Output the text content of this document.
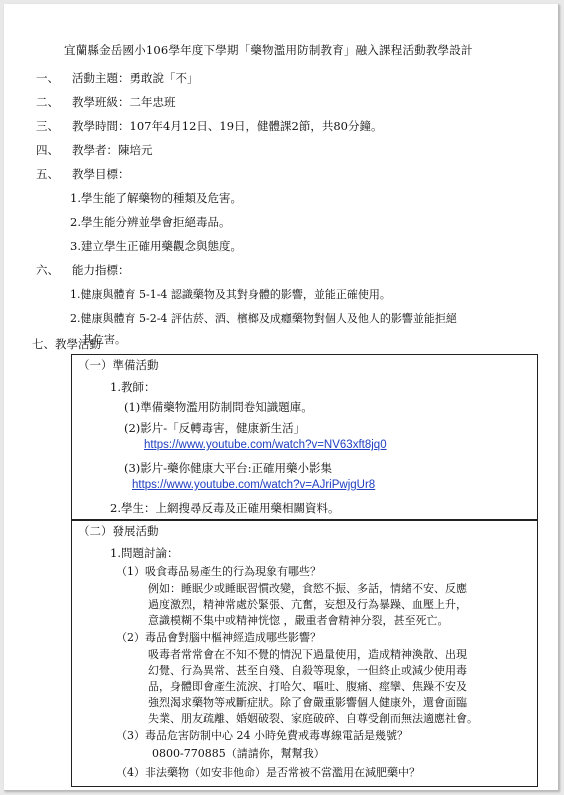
宜蘭縣金岳國小106學年度下學期「藥物濫用防制教育」融入課程活動教學設計
一、 活動主題：勇敢說「不」
二、 教學班級：二年忠班
三、 教學時間：107年4月12日、19日，健體課2節，共80分鐘。
四、 教學者：陳培元
五、 教學目標：
1.學生能了解藥物的種類及危害。
2.學生能分辨並學會拒絕毒品。
3.建立學生正確用藥觀念與態度。
六、 能力指標：
1.健康與體育 5-1-4 認識藥物及其對身體的影響，並能正確使用。
2.健康與體育 5-2-4 評估菸、酒、檳榔及成癮藥物對個人及他人的影響並能拒絕
其危害。
七、教學活動
（一）準備活動
1.教師：
(1)準備藥物濫用防制問卷知識題庫。
(2)影片-「反轉毒害，健康新生活」
https://www.youtube.com/watch?v=NV63xft8jq0
(3)影片-藥你健康大平台:正確用藥小影集
https://www.youtube.com/watch?v=AJriPwjgUr8
2.學生：上網搜尋反毒及正確用藥相關資料。
（二）發展活動
1.問題討論：
（1）吸食毒品易產生的行為現象有哪些？
例如：睡眠少或睡眠習慣改變，食慾不振、多話，情緒不安、反應
過度激烈，精神常處於緊張、亢奮，妄想及行為暴躁、血壓上升，
意識模糊不集中或精神恍惚 ，嚴重者會精神分裂，甚至死亡。
（2）毒品會對腦中樞神經造成哪些影響？
吸毒者常常會在不知不覺的情況下過量使用，造成精神渙散、出現
幻覺、行為異常、甚至自殘、自殺等現象，一但終止或減少使用毒
品，身體即會產生流淚、打哈欠、嘔吐、腹痛、痙攣、焦躁不安及
強烈渴求藥物等戒斷症狀。除了會嚴重影響個人健康外，還會面臨
失業、朋友疏離、婚姻破裂、家庭破碎、自尊受創而無法適應社會。
（3）毒品危害防制中心 24 小時免費戒毒專線電話是幾號？
0800-770885（請請你，幫幫我）
（4）非法藥物（如安非他命）是否常被不當濫用在減肥藥中？
